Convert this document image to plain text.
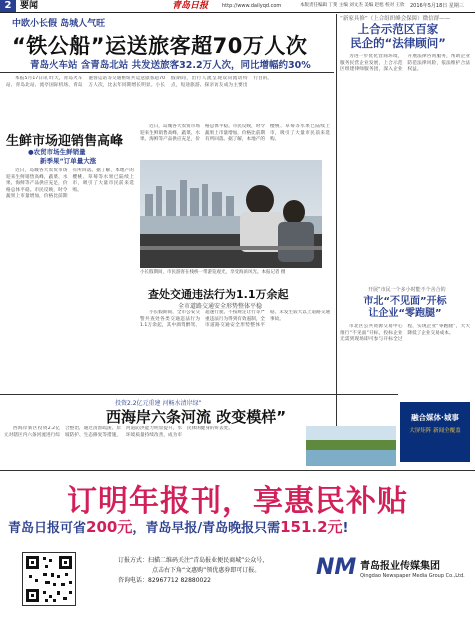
2 要闻	青岛日报	http://www.dailyqd.com	本版责任编辑 丁斐 主编 刘文杰 美编 赵旭 校对 王欣 2016年5月18日 星期三
中欧小长假 岛城人气旺
“铁公船”运送旅客超70万人次
青岛火车站 含青岛北站 共发送旅客32.2万人次，同比增幅约30%

本报5月17日讯 昨天，青岛火车站、青岛北站、流亭国际机场、青岛港客运站等交通枢纽共运送旅客超70万人次，比去年同期增长明显。小长假期间，出行人流呈现双向流动特点，短途旅游、探亲访友成为主要出行目的。

生鲜市场迎销售高峰
●农贸市场生鲜销量
新季果“订单量大涨

近日，岛城各大农贸市场迎来生鲜销售高峰，蔬菜、水果、海鲜等产品供应充足，价格总体平稳。市民反映，时令蔬果上市量增加，价格比前期有所回落。据了解，本地产的樱桃、草莓等水果已陆续上市，吸引了大量市民前来选购。

小长假期间，市民游客在栈桥一带游览观光，享受海滨风光。本报记者 摄
查处交通违法行为1.1万余起
全市道路交通安全形势整体平稳

小长假期间，全市公安交警共查处各类交通违法行为1.1万余起，其中酒驾醉驾、超速行驶、不按规定让行等严重违法行为得到有效遏制，全市道路交通安全形势整体平稳，未发生较大以上道路交通事故。

近日，岛城各大农贸市场迎来生鲜销售高峰，蔬菜、水果、海鲜等产品供应充足，价格总体平稳。市民反映，时令蔬果上市量增加，价格比前期有所回落。据了解，本地产的樱桃、草莓等水果已陆续上市，吸引了大量市民前来选购。

“新家具修”（上合组织峰会保障）微信群——
上合示范区百家
民企的“法律顾问”

为进一步优化营商环境，服务民营企业发展，上合示范区组建律师服务团，深入企业开展法律咨询服务，帮助企业防范法律风险，依法维护合法权益。

开展“市民一个多小时能不个舍合的
市北“不见面”开标
让企业“零跑腿”

市北区公共资源交易中心推行“不见面”开标，投标企业无需到现场即可参与开标全过程，实现企业“零跑腿”，大大降低了企业交易成本。

投资2.2亿元重建 河畅水清岸绿”
西海岸六条河流 改变模样”

西海岸新区投资2.2亿元对辖区内六条河流进行综合整治，通过清淤疏浚、岸坡防护、生态修复等措施，河道防洪能力明显提升，水环境质量持续改善，成为市民休闲健身的好去处。

融合媒体·城事
大屏矩阵 新闻全覆盖
订明年报刊，享惠民补贴
青岛日报可省200元，青岛早报/青岛晚报只需151.2元!
订报方式：扫描二维码关注“青岛报业便民商城”公众号，
点击右下角“文惠购”领优惠券即可订报。
咨询电话：82967712 82880022
NM 青岛报业传媒集团
Qingdao Newspaper Media Group Co.,Ltd.
